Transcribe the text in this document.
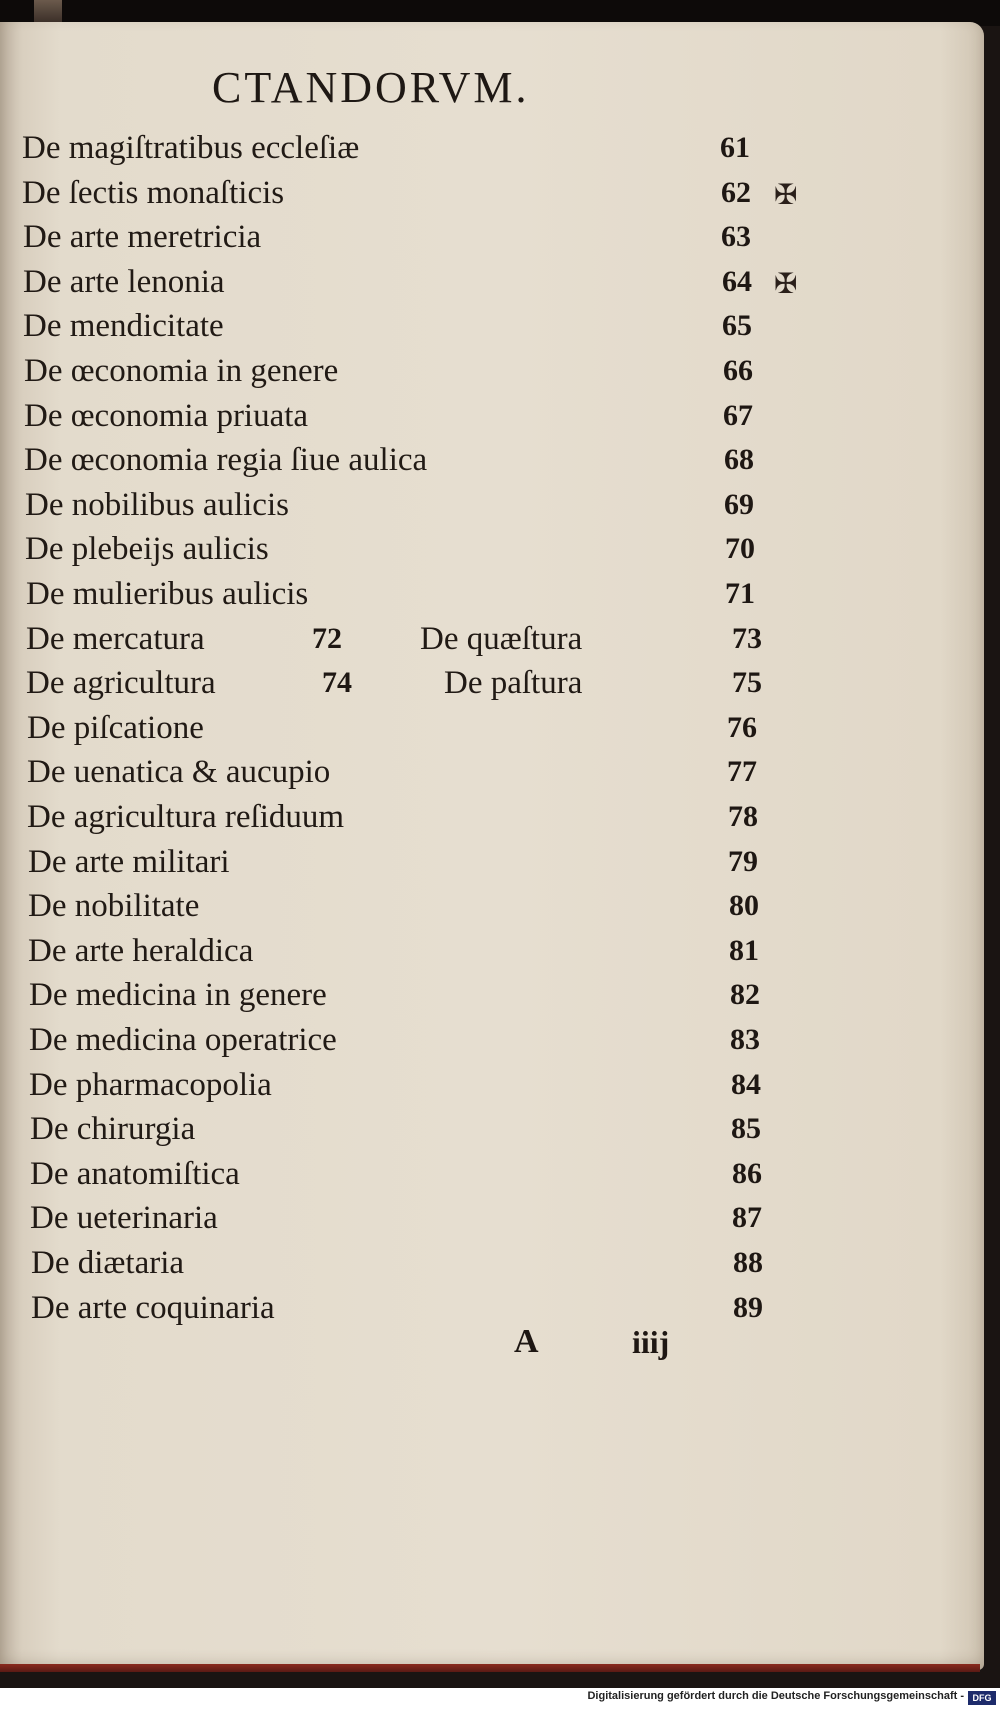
CTANDORVM.
De magiſtratibus eccleſiæ	61
De ſectis monaſticis	62 ✠
De arte meretricia	63
De arte lenonia	64 ✠
De mendicitate	65
De œconomia in genere	66
De œconomia priuata	67
De œconomia regia ſiue aulica	68
De nobilibus aulicis	69
De plebeijs aulicis	70
De mulieribus aulicis	71
De mercatura	72 De quæſtura	73
De agricultura	74	De paſtura	75
De piſcatione	76
De uenatica & aucupio	77
De agricultura reſiduum	78
De arte militari	79
De nobilitate	80
De arte heraldica	81
De medicina in genere	82
De medicina operatrice	83
De pharmacopolia	84
De chirurgia	85
De anatomiſtica	86
De ueterinaria	87
De diætaria	88
De arte coquinaria	89
A	iiij
Digitalisierung gefördert durch die Deutsche Forschungsgemeinschaft - DFG
